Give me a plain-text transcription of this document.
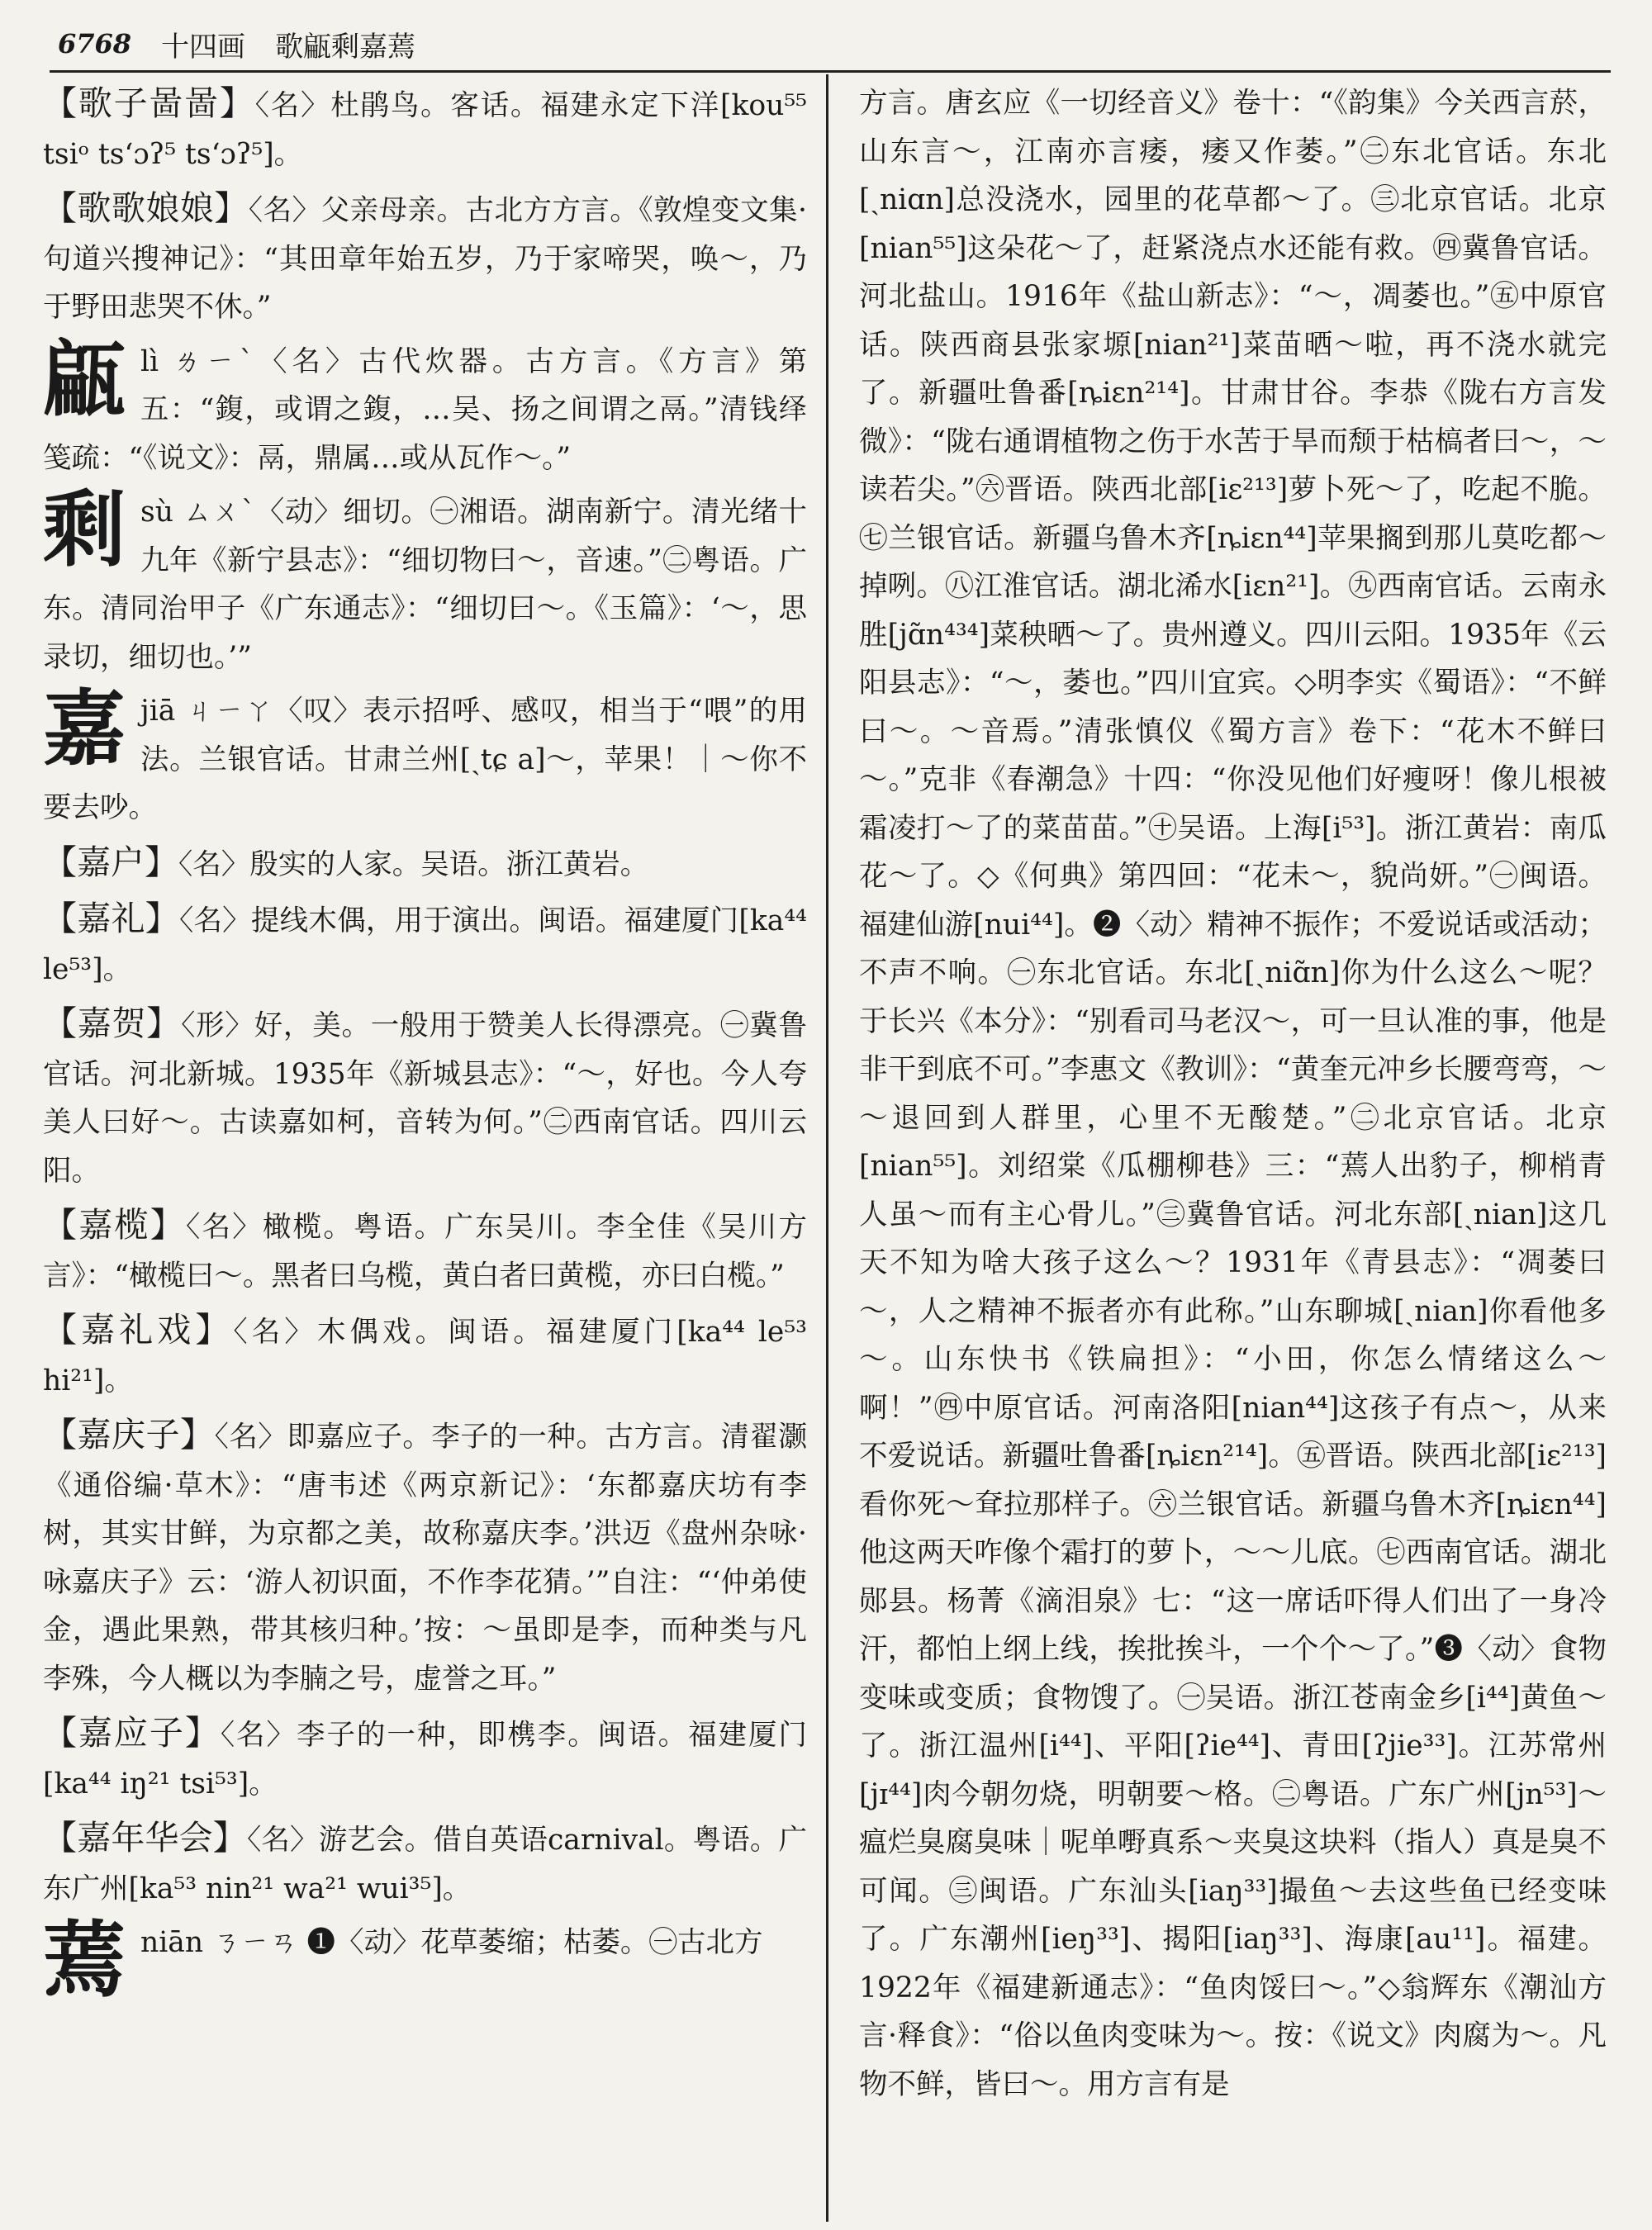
6768 十四画 歌甂剩嘉蔫
【歌子啚啚】〈名〉杜鹃鸟。客话。福建永定下洋[kou⁵⁵ tsiᵒ tsʻɔʔ⁵ tsʻɔʔ⁵]。
【歌歌娘娘】〈名〉父亲母亲。古北方方言。《敦煌变文集·句道兴搜神记》：“其田章年始五岁，乃于家啼哭，唤～，乃于野田悲哭不休。”
甂lì ㄌㄧˋ〈名〉古代炊器。古方言。《方言》第五：“鍑，或谓之鍑，…吴、扬之间谓之鬲。”清钱绎笺疏：“《说文》：鬲，鼎属…或从瓦作～。”
剩sù ㄙㄨˋ〈动〉细切。㊀湘语。湖南新宁。清光绪十九年《新宁县志》：“细切物曰～，音速。”㊁粤语。广东。清同治甲子《广东通志》：“细切曰～。《玉篇》：‘～，思录切，细切也。’”
嘉jiā ㄐㄧㄚ〈叹〉表示招呼、感叹，相当于“喂”的用法。兰银官话。甘肃兰州[ˏtɕ a]～，苹果！｜～你不要去吵。
【嘉户】〈名〉殷实的人家。吴语。浙江黄岩。
【嘉礼】〈名〉提线木偶，用于演出。闽语。福建厦门[ka⁴⁴ le⁵³]。
【嘉贺】〈形〉好，美。一般用于赞美人长得漂亮。㊀冀鲁官话。河北新城。1935年《新城县志》：“～，好也。今人夸美人曰好～。古读嘉如柯，音转为何。”㊁西南官话。四川云阳。
【嘉榄】〈名〉橄榄。粤语。广东吴川。李全佳《吴川方言》：“橄榄曰～。黑者曰乌榄，黄白者曰黄榄，亦曰白榄。”
【嘉礼戏】〈名〉木偶戏。闽语。福建厦门[ka⁴⁴ le⁵³ hi²¹]。
【嘉庆子】〈名〉即嘉应子。李子的一种。古方言。清翟灏《通俗编·草木》：“唐韦述《两京新记》：‘东都嘉庆坊有李树，其实甘鲜，为京都之美，故称嘉庆李。’洪迈《盘州杂咏·咏嘉庆子》云：‘游人初识面，不作李花猜。’”自注：“‘仲弟使金，遇此果熟，带其核归种。’按：～虽即是李，而种类与凡李殊，今人概以为李腩之号，虚誉之耳。”
【嘉应子】〈名〉李子的一种，即槜李。闽语。福建厦门[ka⁴⁴ iŋ²¹ tsi⁵³]。
【嘉年华会】〈名〉游艺会。借自英语carnival。粤语。广东广州[ka⁵³ nin²¹ wa²¹ wui³⁵]。
蔫niān ㄋㄧㄢ ❶〈动〉花草萎缩；枯萎。㊀古北方
方言。唐玄应《一切经音义》卷十：“《韵集》今关西言菸，山东言～，江南亦言痿，痿又作萎。”㊁东北官话。东北[ˏniɑn]总没浇水，园里的花草都～了。㊂北京官话。北京[nian⁵⁵]这朵花～了，赶紧浇点水还能有救。㊃冀鲁官话。河北盐山。1916年《盐山新志》：“～，凋萎也。”㊄中原官话。陕西商县张家塬[nian²¹]菜苗晒～啦，再不浇水就完了。新疆吐鲁番[ȵiɛn²¹⁴]。甘肃甘谷。李恭《陇右方言发微》：“陇右通谓植物之伤于水苦于旱而颓于枯槁者曰～，～读若尖。”㊅晋语。陕西北部[iɛ²¹³]萝卜死～了，吃起不脆。㊆兰银官话。新疆乌鲁木齐[ȵiɛn⁴⁴]苹果搁到那儿莫吃都～掉咧。㊇江淮官话。湖北浠水[iɛn²¹]。㊈西南官话。云南永胜[jɑ̃n⁴³⁴]菜秧晒～了。贵州遵义。四川云阳。1935年《云阳县志》：“～，萎也。”四川宜宾。◇明李实《蜀语》：“不鲜曰～。～音焉。”清张慎仪《蜀方言》卷下：“花木不鲜曰～。”克非《春潮急》十四：“你没见他们好瘦呀！像儿根被霜凌打～了的菜苗苗。”㊉吴语。上海[i⁵³]。浙江黄岩：南瓜花～了。◇《何典》第四回：“花未～，貌尚妍。”㊀闽语。福建仙游[nui⁴⁴]。❷〈动〉精神不振作；不爱说话或活动；不声不响。㊀东北官话。东北[ˏniɑ̃n]你为什么这么～呢？于长兴《本分》：“别看司马老汉～，可一旦认准的事，他是非干到底不可。”李惠文《教训》：“黄奎元冲乡长腰弯弯，～～退回到人群里，心里不无酸楚。”㊁北京官话。北京[nian⁵⁵]。刘绍棠《瓜棚柳巷》三：“蔫人出豹子，柳梢青人虽～而有主心骨儿。”㊂冀鲁官话。河北东部[ˏnian]这几天不知为啥大孩子这么～？1931年《青县志》：“凋萎曰～，人之精神不振者亦有此称。”山东聊城[ˏnian]你看他多～。山东快书《铁扁担》：“小田，你怎么情绪这么～啊！”㊃中原官话。河南洛阳[nian⁴⁴]这孩子有点～，从来不爱说话。新疆吐鲁番[ȵiɛn²¹⁴]。㊄晋语。陕西北部[iɛ²¹³]看你死～耷拉那样子。㊅兰银官话。新疆乌鲁木齐[ȵiɛn⁴⁴]他这两天咋像个霜打的萝卜，～～儿底。㊆西南官话。湖北郧县。杨菁《滴泪泉》七：“这一席话吓得人们出了一身冷汗，都怕上纲上线，挨批挨斗，一个个～了。”❸〈动〉食物变味或变质；食物馊了。㊀吴语。浙江苍南金乡[i⁴⁴]黄鱼～了。浙江温州[i⁴⁴]、平阳[ʔie⁴⁴]、青田[ʔjie³³]。江苏常州[jɪ⁴⁴]肉今朝勿烧，明朝要～格。㊁粤语。广东广州[jn⁵³]～瘟烂臭腐臭味｜呢单嘢真系～夹臭这块料（指人）真是臭不可闻。㊂闽语。广东汕头[iaŋ³³]撮鱼～去这些鱼已经变味了。广东潮州[ieŋ³³]、揭阳[iaŋ³³]、海康[au¹¹]。福建。1922年《福建新通志》：“鱼肉馁曰～。”◇翁辉东《潮汕方言·释食》：“俗以鱼肉变味为～。按：《说文》肉腐为～。凡物不鲜，皆曰～。用方言有是
